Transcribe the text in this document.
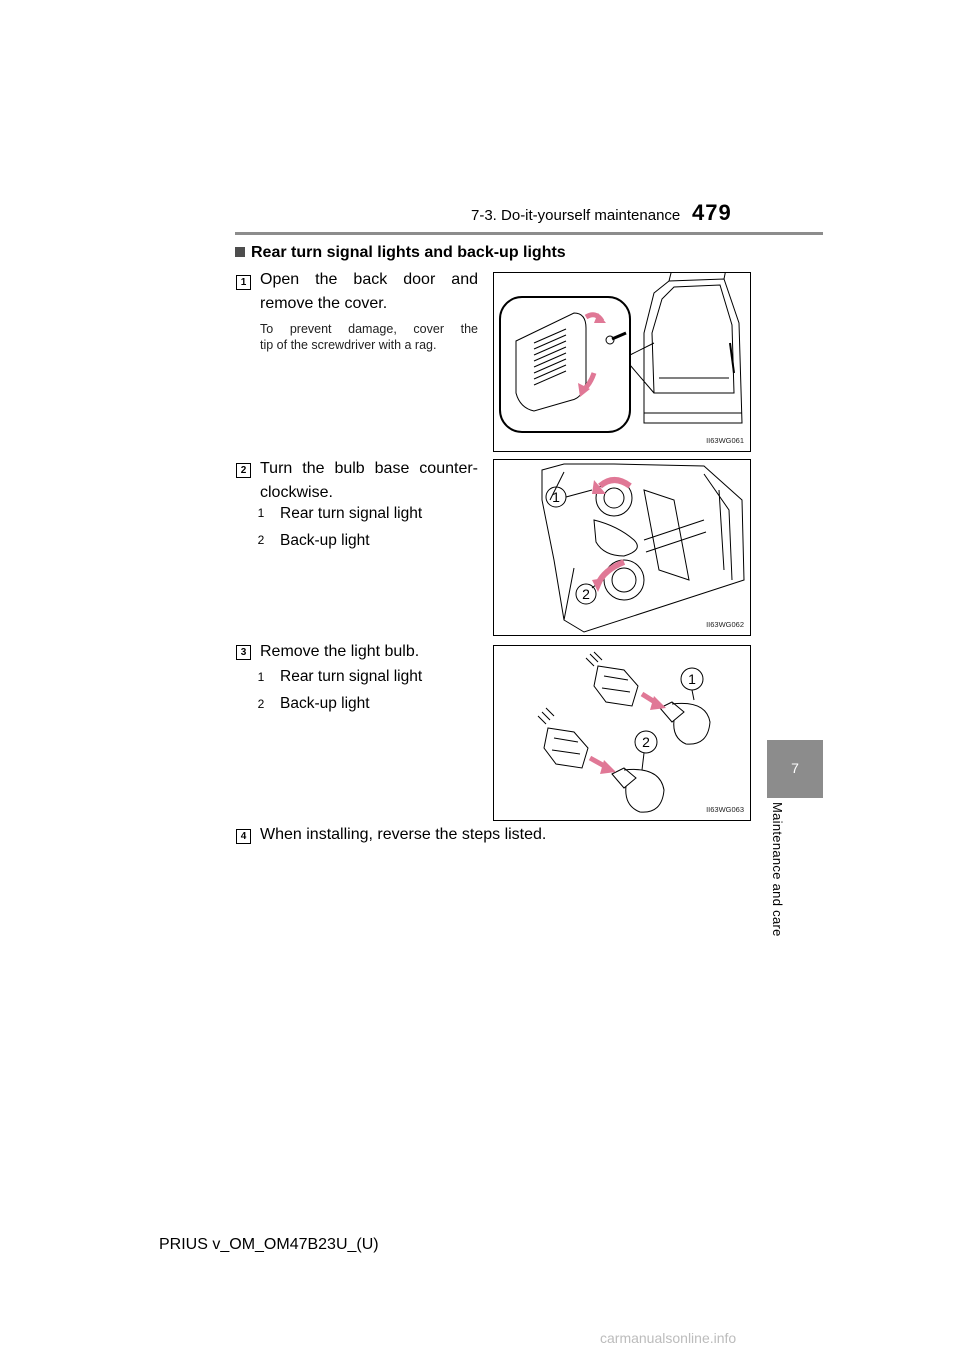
7-3. Do-it-yourself maintenance 479
7
Maintenance and care
Rear turn signal lights and back-up lights
1 Open the back door and
remove the cover.
To prevent damage, cover the
tip of the screwdriver with a rag.
II63WG061
2 Turn the bulb base counter-
clockwise.
1 Rear turn signal light
2 Back-up light
1
2
II63WG062
3 Remove the light bulb.
1 Rear turn signal light
2 Back-up light
1
2
II63WG063
4 When installing, reverse the steps listed.
PRIUS v_OM_OM47B23U_(U)
carmanualsonline.info
